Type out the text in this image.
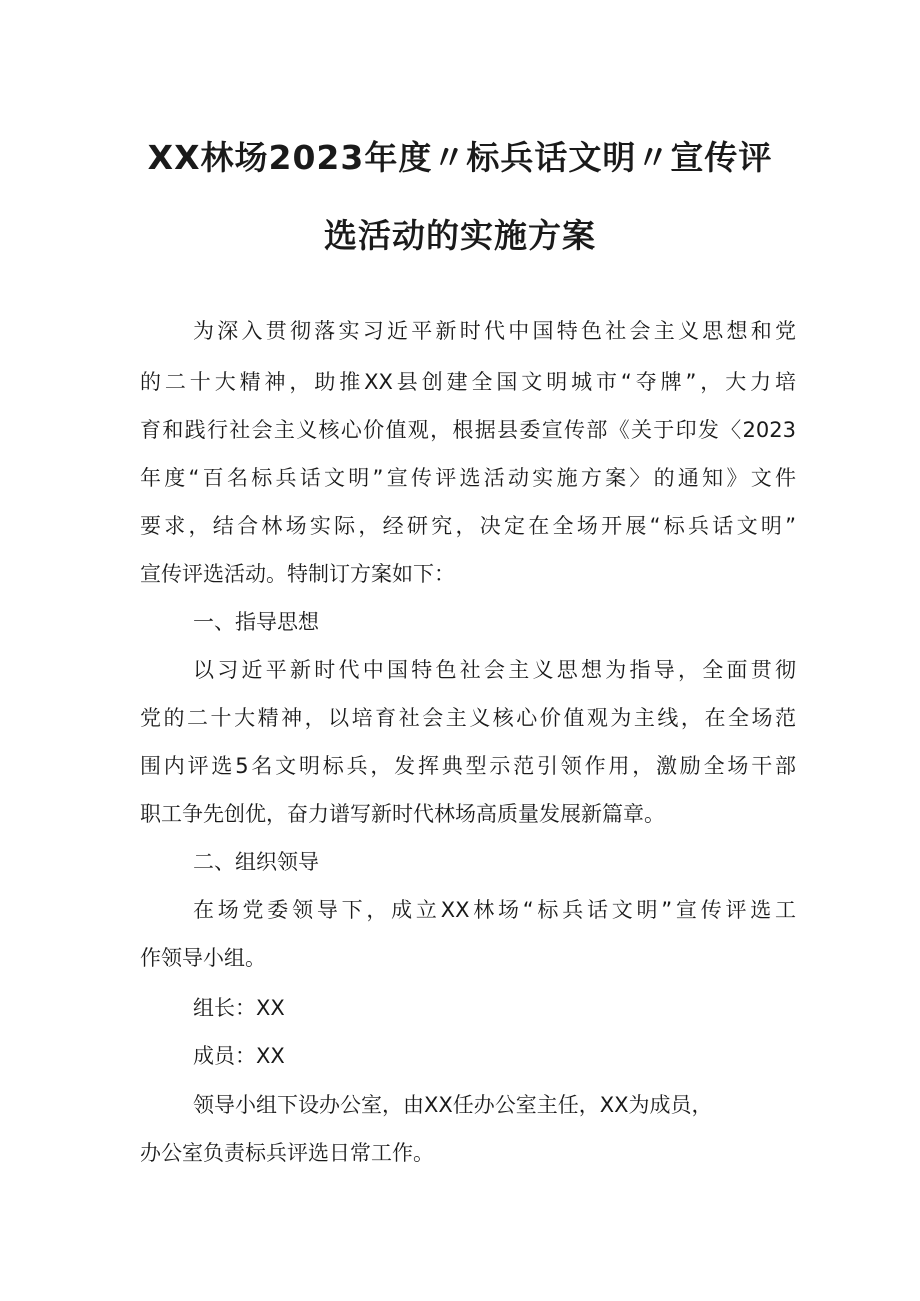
XX林场2023年度〃标兵话文明〃宣传评
选活动的实施方案
为深入贯彻落实习近平新时代中国特色社会主义思想和党
的二十大精神，助推XX县创建全国文明城市“夺牌”，大力培
育和践行社会主义核心价值观，根据县委宣传部《关于印发〈2023
年度“百名标兵话文明”宣传评选活动实施方案〉的通知》文件
要求，结合林场实际，经研究，决定在全场开展“标兵话文明”
宣传评选活动。特制订方案如下：
一、指导思想
以习近平新时代中国特色社会主义思想为指导，全面贯彻
党的二十大精神，以培育社会主义核心价值观为主线，在全场范
围内评选5名文明标兵，发挥典型示范引领作用，激励全场干部
职工争先创优，奋力谱写新时代林场高质量发展新篇章。
二、组织领导
在场党委领导下，成立XX林场“标兵话文明”宣传评选工
作领导小组。
组长：XX
成员：XX
领导小组下设办公室，由XX任办公室主任，XX为成员，
办公室负责标兵评选日常工作。
